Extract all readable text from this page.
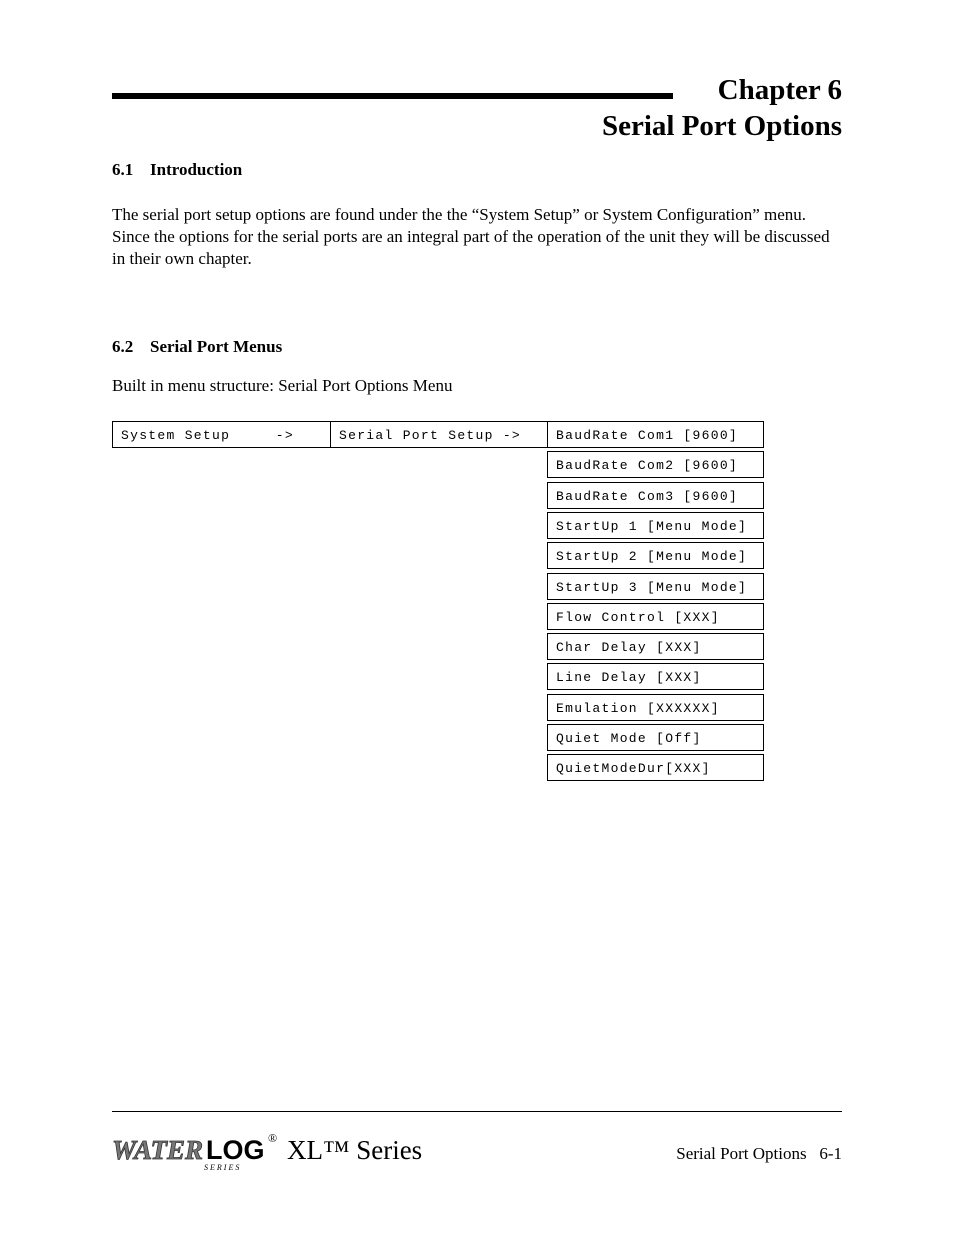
Chapter 6
Serial Port Options
6.1 Introduction
The serial port setup options are found under the the “System Setup” or System Configuration” menu. Since the options for the serial ports are an integral part of the operation of the unit they will be discussed in their own chapter.
6.2 Serial Port Menus
Built in menu structure: Serial Port Options Menu
System Setup     ->	Serial Port Setup ->	BaudRate Com1 [9600]
BaudRate Com2 [9600]
BaudRate Com3 [9600]
StartUp 1 [Menu Mode]
StartUp 2 [Menu Mode]
StartUp 3 [Menu Mode]
Flow Control [XXX]
Char Delay [XXX]
Line Delay [XXX]
Emulation [XXXXXX]
Quiet Mode [Off]
QuietModeDur[XXX]
WATER LOG
S E R I E S
® XL™ Series	Serial Port Options   6-1
